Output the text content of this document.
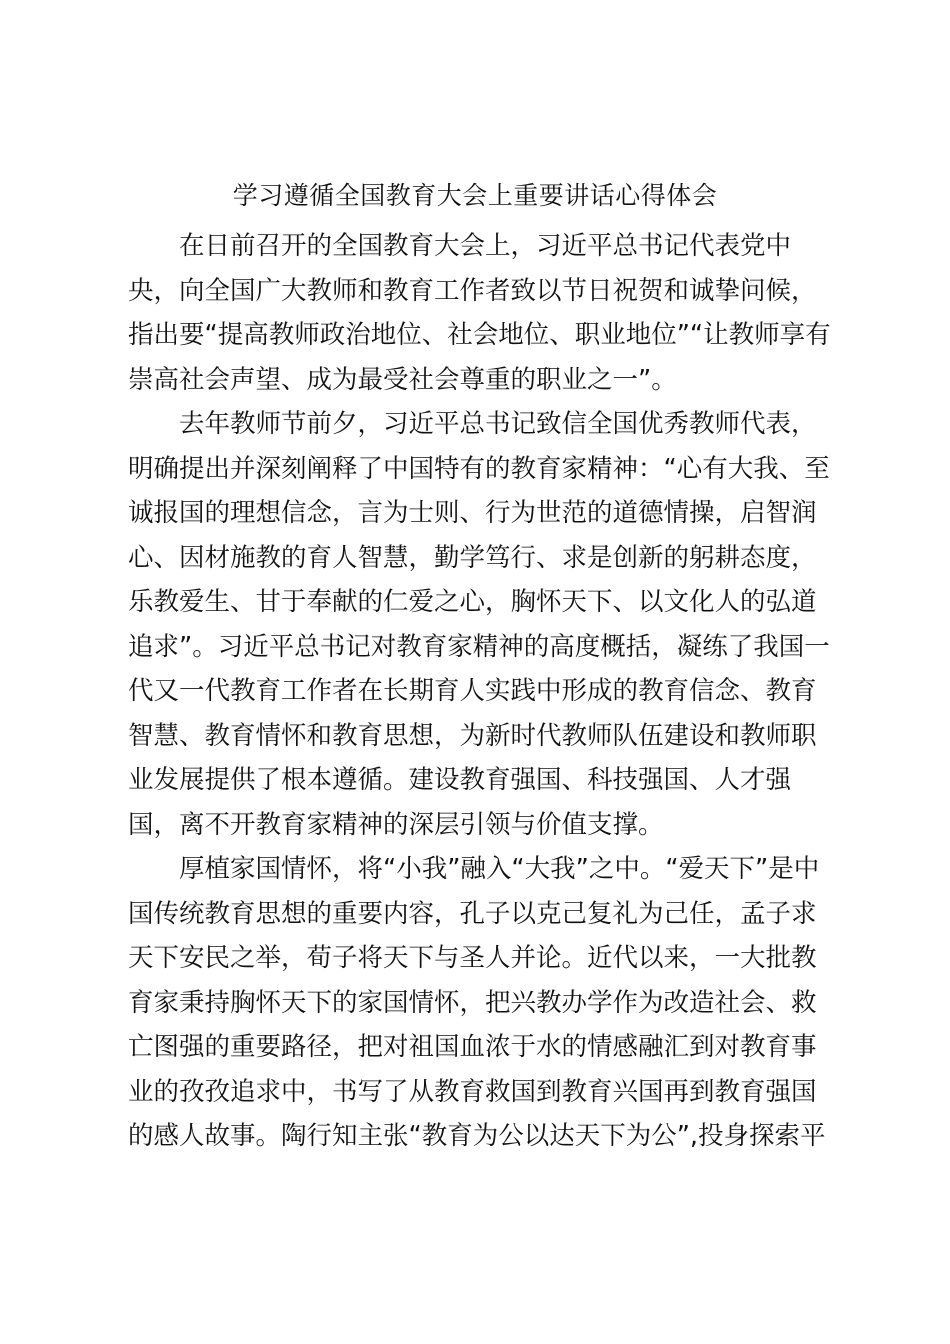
学习遵循全国教育大会上重要讲话心得体会

在日前召开的全国教育大会上，习近平总书记代表党中
央，向全国广大教师和教育工作者致以节日祝贺和诚挚问候，
指出要“提高教师政治地位、社会地位、职业地位”“让教师享有
崇高社会声望、成为最受社会尊重的职业之一”。

去年教师节前夕，习近平总书记致信全国优秀教师代表，
明确提出并深刻阐释了中国特有的教育家精神：“心有大我、至
诚报国的理想信念，言为士则、行为世范的道德情操，启智润
心、因材施教的育人智慧，勤学笃行、求是创新的躬耕态度，
乐教爱生、甘于奉献的仁爱之心，胸怀天下、以文化人的弘道
追求”。习近平总书记对教育家精神的高度概括，凝练了我国一
代又一代教育工作者在长期育人实践中形成的教育信念、教育
智慧、教育情怀和教育思想，为新时代教师队伍建设和教师职
业发展提供了根本遵循。建设教育强国、科技强国、人才强
国，离不开教育家精神的深层引领与价值支撑。

厚植家国情怀，将“小我”融入“大我”之中。“爱天下”是中
国传统教育思想的重要内容，孔子以克己复礼为己任，孟子求
天下安民之举，荀子将天下与圣人并论。近代以来，一大批教
育家秉持胸怀天下的家国情怀，把兴教办学作为改造社会、救
亡图强的重要路径，把对祖国血浓于水的情感融汇到对教育事
业的孜孜追求中，书写了从教育救国到教育兴国再到教育强国
的感人故事。陶行知主张“教育为公以达天下为公”,投身探索平
